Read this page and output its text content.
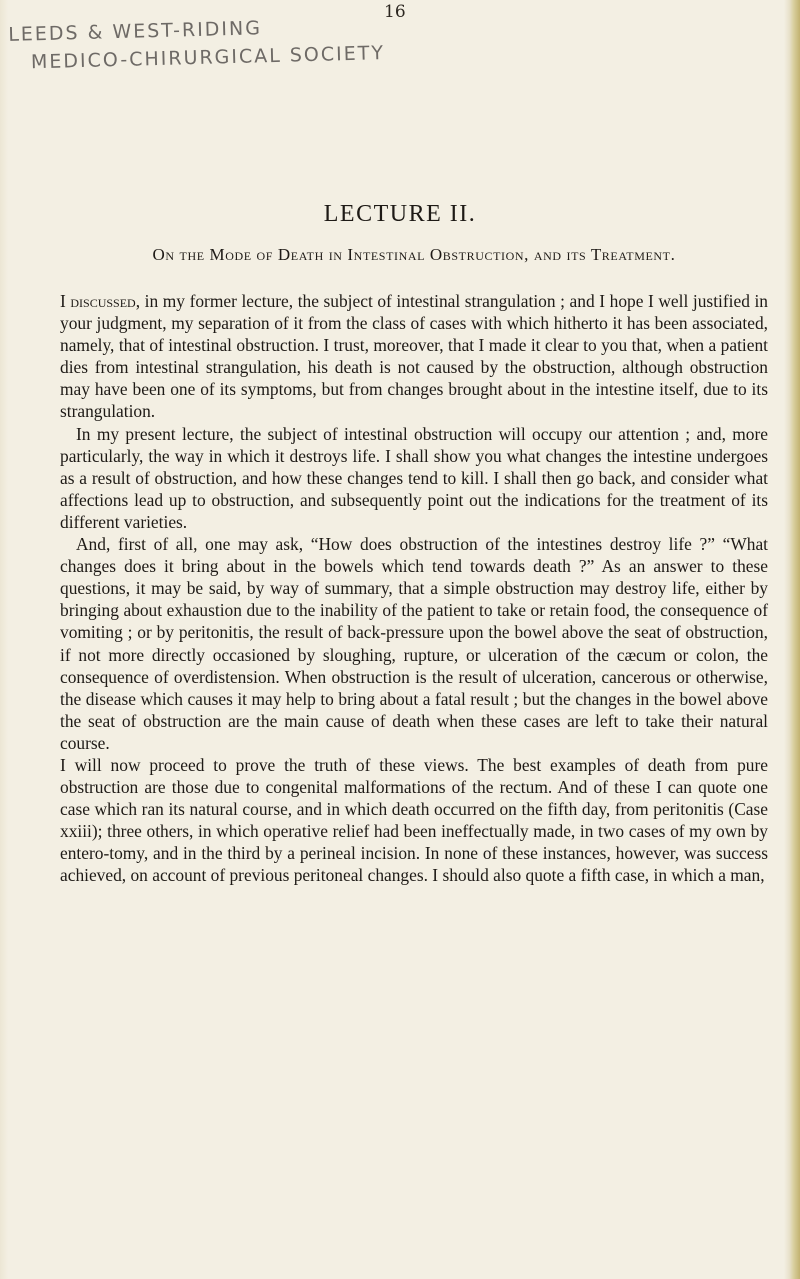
16
LEEDS & WEST-RIDING
MEDICO-CHIRURGICAL SOCIETY
LECTURE II.
On the Mode of Death in Intestinal Obstruction, and its Treatment.

I discussed, in my former lecture, the subject of intestinal strangulation ; and I hope I well justified in your judgment, my separation of it from the class of cases with which hitherto it has been associated, namely, that of intestinal obstruction. I trust, moreover, that I made it clear to you that, when a patient dies from intestinal strangulation, his death is not caused by the obstruction, although obstruction may have been one of its symptoms, but from changes brought about in the intestine itself, due to its strangulation.

In my present lecture, the subject of intestinal obstruction will occupy our attention ; and, more particularly, the way in which it destroys life. I shall show you what changes the intestine undergoes as a result of obstruction, and how these changes tend to kill. I shall then go back, and consider what affections lead up to obstruction, and subsequently point out the indications for the treatment of its different varieties.

And, first of all, one may ask, “How does obstruction of the intestines destroy life ?” “What changes does it bring about in the bowels which tend towards death ?” As an answer to these questions, it may be said, by way of summary, that a simple obstruction may destroy life, either by bringing about exhaustion due to the inability of the patient to take or retain food, the consequence of vomiting ; or by peritonitis, the result of back-pressure upon the bowel above the seat of obstruction, if not more directly occasioned by sloughing, rupture, or ulceration of the cæcum or colon, the consequence of overdistension. When obstruction is the result of ulceration, cancerous or otherwise, the disease which causes it may help to bring about a fatal result ; but the changes in the bowel above the seat of obstruction are the main cause of death when these cases are left to take their natural course.

I will now proceed to prove the truth of these views. The best examples of death from pure obstruction are those due to congenital malformations of the rectum. And of these I can quote one case which ran its natural course, and in which death occurred on the fifth day, from peritonitis (Case xxiii); three others, in which operative relief had been ineffectually made, in two cases of my own by entero-tomy, and in the third by a perineal incision. In none of these instances, however, was success achieved, on account of previous peritoneal changes. I should also quote a fifth case, in which a man,
